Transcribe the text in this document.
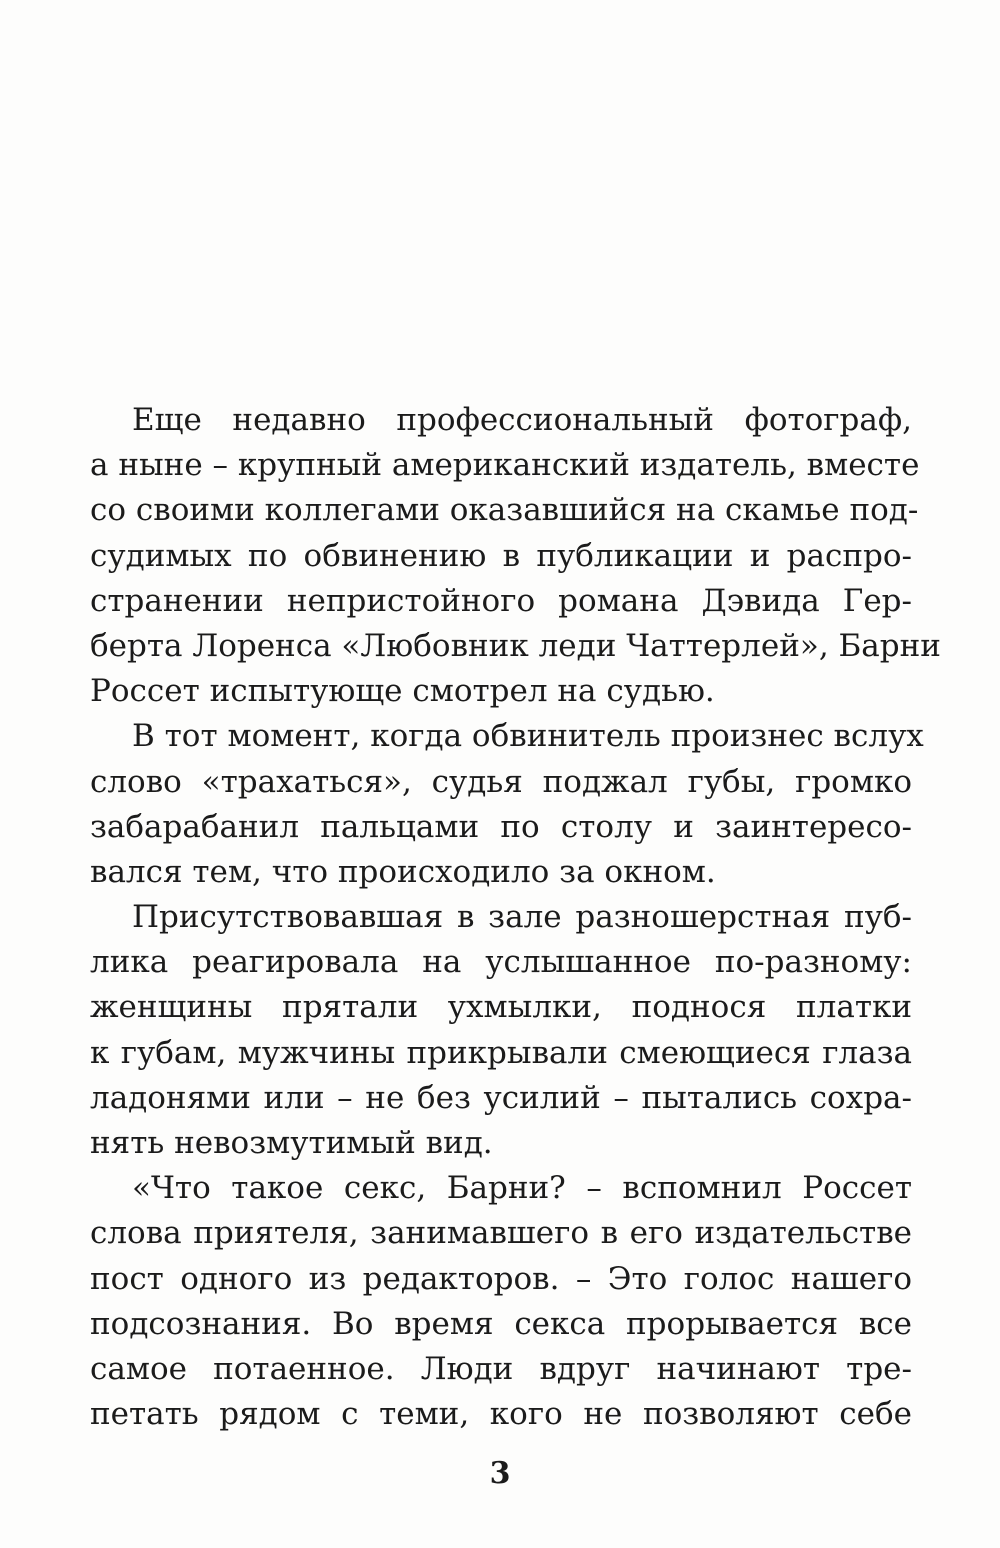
Еще недавно профессиональный фотограф,
а ныне – крупный американский издатель, вместе
со своими коллегами оказавшийся на скамье под-
судимых по обвинению в публикации и распро-
странении непристойного романа Дэвида Гер-
берта Лоренса «Любовник леди Чаттерлей», Барни
Россет испытующе смотрел на судью.
В тот момент, когда обвинитель произнес вслух
слово «трахаться», судья поджал губы, громко
забарабанил пальцами по столу и заинтересо-
вался тем, что происходило за окном.
Присутствовавшая в зале разношерстная пуб-
лика реагировала на услышанное по-разному:
женщины прятали ухмылки, поднося платки
к губам, мужчины прикрывали смеющиеся глаза
ладонями или – не без усилий – пытались сохра-
нять невозмутимый вид.
«Что такое секс, Барни? – вспомнил Россет
слова приятеля, занимавшего в его издательстве
пост одного из редакторов. – Это голос нашего
подсознания. Во время секса прорывается все
самое потаенное. Люди вдруг начинают тре-
петать рядом с теми, кого не позволяют себе
3
